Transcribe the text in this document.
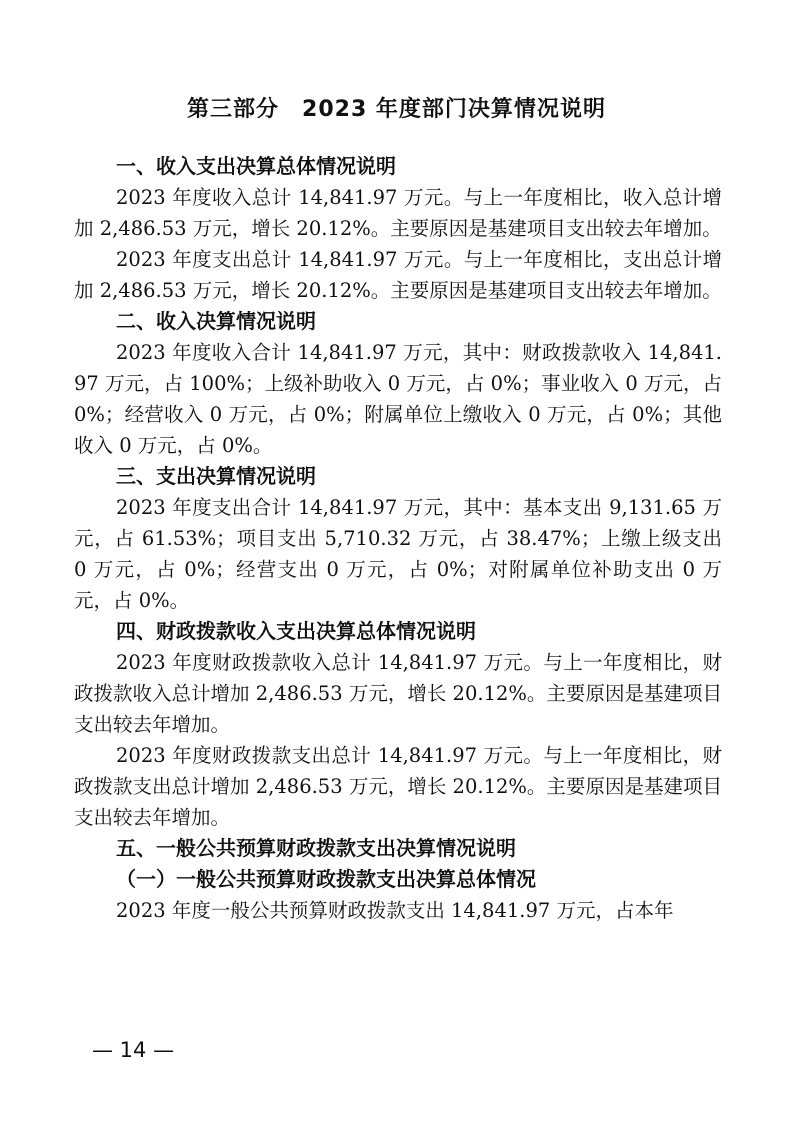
第三部分　2023 年度部门决算情况说明
一、收入支出决算总体情况说明

2023 年度收入总计 14,841.97 万元。与上一年度相比，收入总计增加 2,486.53 万元，增长 20.12%。主要原因是基建项目支出较去年增加。

2023 年度支出总计 14,841.97 万元。与上一年度相比，支出总计增加 2,486.53 万元，增长 20.12%。主要原因是基建项目支出较去年增加。

二、收入决算情况说明

2023 年度收入合计 14,841.97 万元，其中：财政拨款收入 14,841.97 万元，占 100%；上级补助收入 0 万元，占 0%；事业收入 0 万元，占 0%；经营收入 0 万元，占 0%；附属单位上缴收入 0 万元，占 0%；其他收入 0 万元，占 0%。

三、支出决算情况说明

2023 年度支出合计 14,841.97 万元，其中：基本支出 9,131.65 万元，占 61.53%；项目支出 5,710.32 万元，占 38.47%；上缴上级支出 0 万元，占 0%；经营支出 0 万元，占 0%；对附属单位补助支出 0 万元，占 0%。

四、财政拨款收入支出决算总体情况说明

2023 年度财政拨款收入总计 14,841.97 万元。与上一年度相比，财政拨款收入总计增加 2,486.53 万元，增长 20.12%。主要原因是基建项目支出较去年增加。

2023 年度财政拨款支出总计 14,841.97 万元。与上一年度相比，财政拨款支出总计增加 2,486.53 万元，增长 20.12%。主要原因是基建项目支出较去年增加。

五、一般公共预算财政拨款支出决算情况说明
（一）一般公共预算财政拨款支出决算总体情况

2023 年度一般公共预算财政拨款支出 14,841.97 万元，占本年

— 14 —
